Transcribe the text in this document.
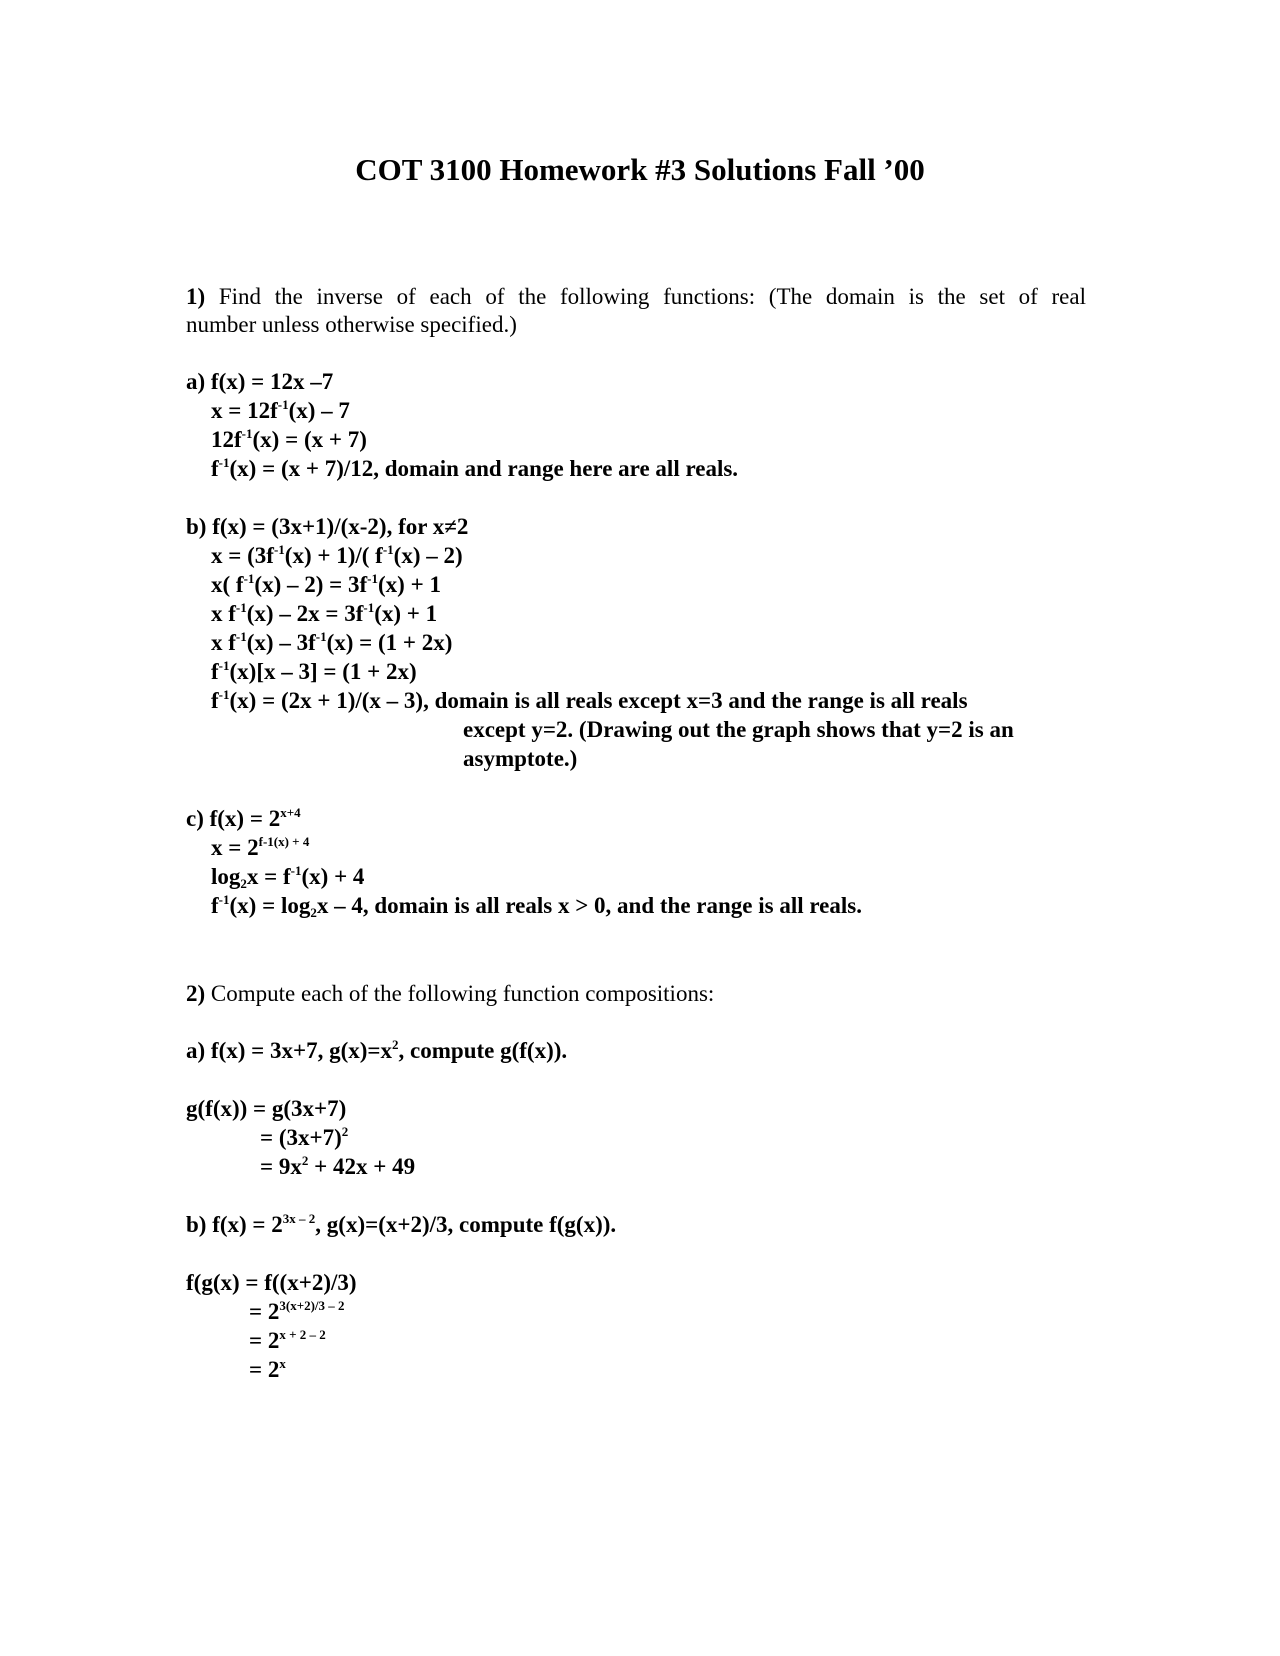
COT 3100 Homework #3 Solutions Fall ’00
1) Find the inverse of each of the following functions: (The domain is the set of real
number unless otherwise specified.)
a) f(x) = 12x –7
$x = 12f^{-1}(x) - 7$
$12f^{-1}(x) = (x + 7)$
$f^{-1}(x) = (x + 7)/12$, domain and range here are all reals.
b) f(x) = (3x+1)/(x-2), for x≠2
$x = (3f^{-1}(x) + 1)/$( $f^{-1}(x) - 2$)
x( $f^{-1}(x) - 2) = 3f^{-1}(x) + 1$
x $f^{-1}(x) - 2x = 3f^{-1}(x) + 1$
x $f^{-1}(x) - 3f^{-1}(x) = (1 + 2x)$
$f^{-1}(x)[x - 3] = (1 + 2x)$
$f^{-1}(x) = (2x + 1)/(x - 3)$, domain is all reals except x=3 and the range is all reals
except y=2. (Drawing out the graph shows that y=2 is an
asymptote.)
c) $f(x) = 2^{x+4}$
$x = 2^{f-1(x) + 4}$
$\log_2x = f^{-1}(x) + 4$
$f^{-1}(x) = \log_2x - 4$, domain is all reals x > 0, and the range is all reals.
2) Compute each of the following function compositions:
a) f(x) = 3x+7, $g(x)=x^2$, compute g(f(x)).
g(f(x)) = g(3x+7)
= $(3x+7)^2$
= $9x^2 + 42x + 49$
b) $f(x) = 2^{3x - 2}$, g(x)=(x+2)/3, compute f(g(x)).
f(g(x) = f((x+2)/3)
= $2^{3(x+2)/3 - 2}$
= $2^{x + 2 - 2}$
= $2^x$
